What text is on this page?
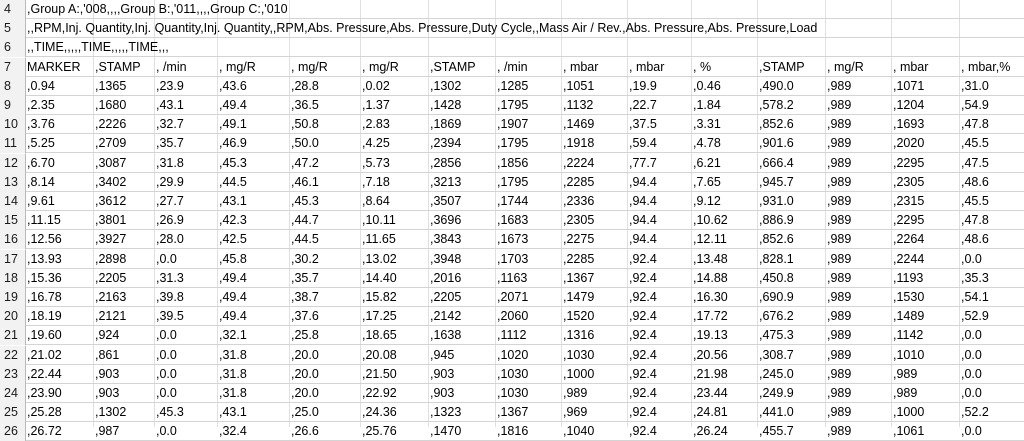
4	,Group A:,'008,,,,Group B:,'011,,,,Group C:,'010
5	,,RPM,Inj. Quantity,Inj. Quantity,Inj. Quantity,,RPM,Abs. Pressure,Abs. Pressure,Duty Cycle,,Mass Air / Rev.,Abs. Pressure,Abs. Pressure,Load
6	,,TIME,,,,,TIME,,,,,TIME,,,
7	MARKER ,STAMP , /min	, mg/R	, mg/R	, mg/R ,STAMP , /min	, mbar , mbar , %	,STAMP , mg/R , mbar	, mbar,%
8	,0.94	,1365 ,23.9	,43.6	,28.8	,0.02	,1302	,1285	,1051	,19.9	,0.46	,490.0	,989	,1071	,31.0
9	,2.35	,1680 ,43.1	,49.4	,36.5	,1.37	,1428	,1795	,1132	,22.7	,1.84	,578.2	,989	,1204	,54.9
10 ,3.76	,2226 ,32.7	,49.1	,50.8	,2.83	,1869	,1907	,1469	,37.5	,3.31	,852.6	,989	,1693	,47.8
11 ,5.25	,2709 ,35.7	,46.9	,50.0	,4.25	,2394	,1795	,1918	,59.4	,4.78	,901.6	,989	,2020	,45.5
12 ,6.70	,3087 ,31.8	,45.3	,47.2	,5.73	,2856	,1856	,2224	,77.7	,6.21	,666.4	,989	,2295	,47.5
13 ,8.14	,3402 ,29.9	,44.5	,46.1	,7.18	,3213	,1795	,2285	,94.4	,7.65	,945.7	,989	,2305	,48.6
14 ,9.61	,3612 ,27.7	,43.1	,45.3	,8.64	,3507	,1744	,2336	,94.4	,9.12	,931.0	,989	,2315	,45.5
15 ,11.15	,3801 ,26.9	,42.3	,44.7	,10.11	,3696	,1683	,2305	,94.4	,10.62 ,886.9	,989	,2295	,47.8
16 ,12.56	,3927 ,28.0	,42.5	,44.5	,11.65	,3843	,1673	,2275	,94.4	,12.11	,852.6	,989	,2264	,48.6
17 ,13.93	,2898 ,0.0	,45.8	,30.2	,13.02	,3948	,1703	,2285	,92.4	,13.48 ,828.1	,989	,2244	,0.0
18 ,15.36	,2205 ,31.3	,49.4	,35.7	,14.40	,2016	,1163	,1367	,92.4	,14.88 ,450.8	,989	,1193	,35.3
19 ,16.78	,2163 ,39.8	,49.4	,38.7	,15.82	,2205	,2071	,1479	,92.4	,16.30 ,690.9	,989	,1530	,54.1
20 ,18.19	,2121 ,39.5	,49.4	,37.6	,17.25	,2142	,2060	,1520	,92.4	,17.72 ,676.2	,989	,1489	,52.9
21 ,19.60	,924	,0.0	,32.1	,25.8	,18.65	,1638	,1112	,1316	,92.4	,19.13 ,475.3	,989	,1142	,0.0
22 ,21.02	,861	,0.0	,31.8	,20.0	,20.08	,945	,1020	,1030	,92.4	,20.56 ,308.7	,989	,1010	,0.0
23 ,22.44	,903	,0.0	,31.8	,20.0	,21.50	,903	,1030	,1000	,92.4	,21.98 ,245.0	,989	,989	,0.0
24 ,23.90	,903	,0.0	,31.8	,20.0	,22.92	,903	,1030	,989	,92.4	,23.44 ,249.9	,989	,989	,0.0
25 ,25.28	,1302 ,45.3	,43.1	,25.0	,24.36	,1323	,1367	,969	,92.4	,24.81 ,441.0	,989	,1000	,52.2
26 ,26.72	,987	,0.0	,32.4	,26.6	,25.76	,1470	,1816	,1040	,92.4	,26.24 ,455.7	,989	,1061	,0.0
